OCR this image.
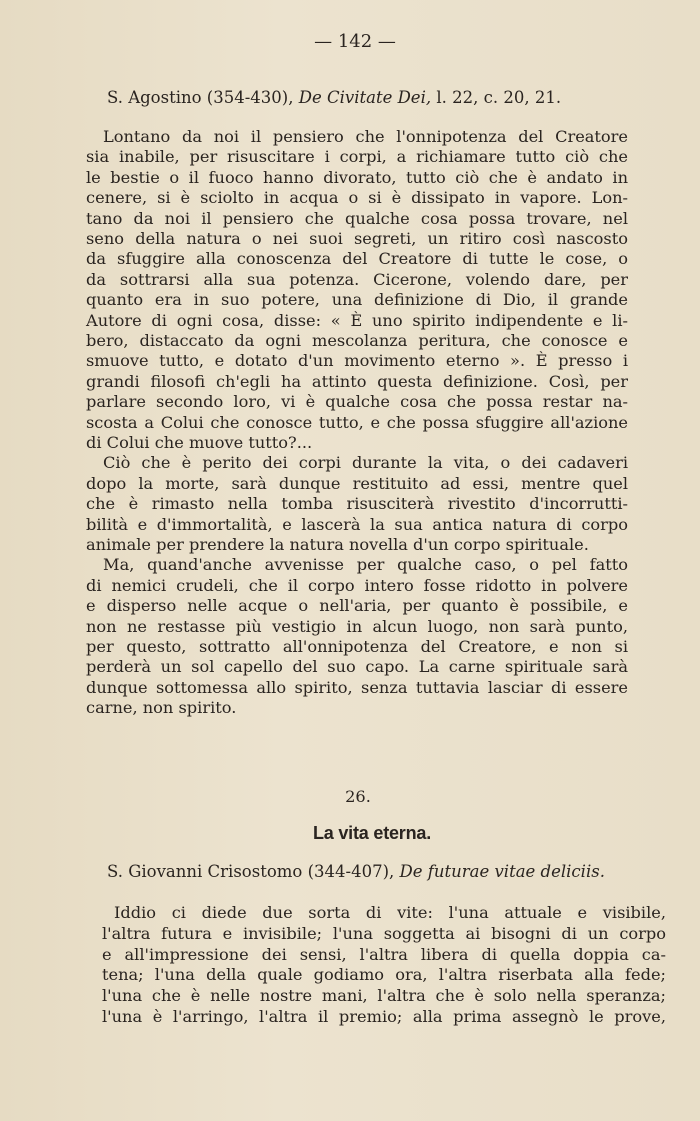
— 142 —
S. Agostino (354-430), De Civitate Dei, l. 22, c. 20, 21.
Lontano da noi il pensiero che l'onnipotenza del Creatore
sia inabile, per risuscitare i corpi, a richiamare tutto ciò che
le bestie o il fuoco hanno divorato, tutto ciò che è andato in
cenere, si è sciolto in acqua o si è dissipato in vapore. Lon-
tano da noi il pensiero che qualche cosa possa trovare, nel
seno della natura o nei suoi segreti, un ritiro così nascosto
da sfuggire alla conoscenza del Creatore di tutte le cose, o
da sottrarsi alla sua potenza. Cicerone, volendo dare, per
quanto era in suo potere, una definizione di Dio, il grande
Autore di ogni cosa, disse: « È uno spirito indipendente e li-
bero, distaccato da ogni mescolanza peritura, che conosce e
smuove tutto, e dotato d'un movimento eterno ». È presso i
grandi filosofi ch'egli ha attinto questa definizione. Così, per
parlare secondo loro, vi è qualche cosa che possa restar na-
scosta a Colui che conosce tutto, e che possa sfuggire all'azione
di Colui che muove tutto?...
Ciò che è perito dei corpi durante la vita, o dei cadaveri
dopo la morte, sarà dunque restituito ad essi, mentre quel
che è rimasto nella tomba risusciterà rivestito d'incorrutti-
bilità e d'immortalità, e lascerà la sua antica natura di corpo
animale per prendere la natura novella d'un corpo spirituale.
Ma, quand'anche avvenisse per qualche caso, o pel fatto
di nemici crudeli, che il corpo intero fosse ridotto in polvere
e disperso nelle acque o nell'aria, per quanto è possibile, e
non ne restasse più vestigio in alcun luogo, non sarà punto,
per questo, sottratto all'onnipotenza del Creatore, e non si
perderà un sol capello del suo capo. La carne spirituale sarà
dunque sottomessa allo spirito, senza tuttavia lasciar di essere
carne, non spirito.
26.
La vita eterna.
S. Giovanni Crisostomo (344-407), De futurae vitae deliciis.
Iddio ci diede due sorta di vite: l'una attuale e visibile,
l'altra futura e invisibile; l'una soggetta ai bisogni di un corpo
e all'impressione dei sensi, l'altra libera di quella doppia ca-
tena; l'una della quale godiamo ora, l'altra riserbata alla fede;
l'una che è nelle nostre mani, l'altra che è solo nella speranza;
l'una è l'arringo, l'altra il premio; alla prima assegnò le prove,
